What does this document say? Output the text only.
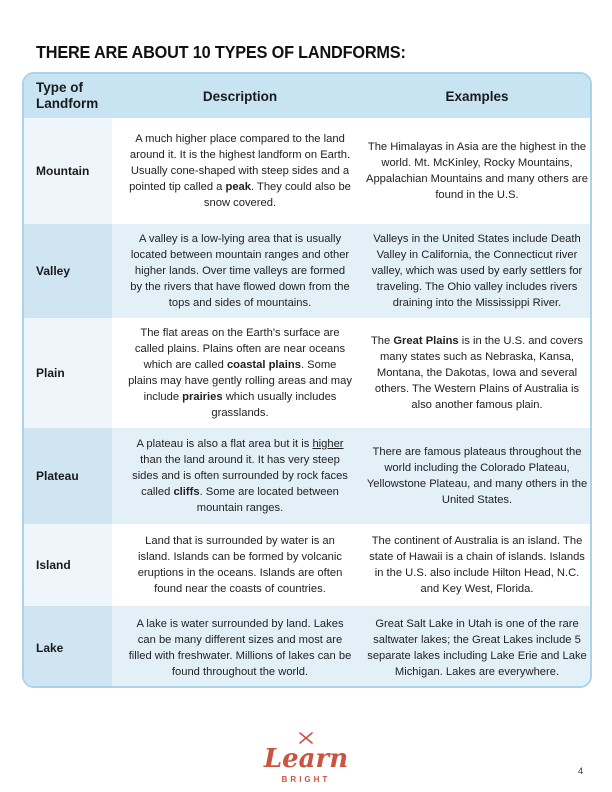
THERE ARE ABOUT 10 TYPES OF LANDFORMS:
Type of Landform	Description	Examples
Mountain
A much higher place compared to the land around it. It is the highest landform on Earth. Usually cone-shaped with steep sides and a pointed tip called a peak. They could also be snow covered.
The Himalayas in Asia are the highest in the world. Mt. McKinley, Rocky Mountains, Appalachian Mountains and many others are found in the U.S.
Valley
A valley is a low-lying area that is usually located between mountain ranges and other higher lands. Over time valleys are formed by the rivers that have flowed down from the tops and sides of mountains.
Valleys in the United States include Death Valley in California, the Connecticut river valley, which was used by early settlers for traveling. The Ohio valley includes rivers draining into the Mississippi River.
Plain
The flat areas on the Earth's surface are called plains. Plains often are near oceans which are called coastal plains. Some plains may have gently rolling areas and may include prairies which usually includes grasslands.
The Great Plains is in the U.S. and covers many states such as Nebraska, Kansa, Montana, the Dakotas, Iowa and several others. The Western Plains of Australia is also another famous plain.
Plateau
A plateau is also a flat area but it is higher than the land around it. It has very steep sides and is often surrounded by rock faces called cliffs. Some are located between mountain ranges.
There are famous plateaus throughout the world including the Colorado Plateau, Yellowstone Plateau, and many others in the United States.
Island
Land that is surrounded by water is an island. Islands can be formed by volcanic eruptions in the oceans. Islands are often found near the coasts of countries.
The continent of Australia is an island. The state of Hawaii is a chain of islands. Islands in the U.S. also include Hilton Head, N.C. and Key West, Florida.
Lake
A lake is water surrounded by land. Lakes can be many different sizes and most are filled with freshwater. Millions of lakes can be found throughout the world.
Great Salt Lake in Utah is one of the rare saltwater lakes; the Great Lakes include 5 separate lakes including Lake Erie and Lake Michigan. Lakes are everywhere.
Learn
BRIGHT
4
